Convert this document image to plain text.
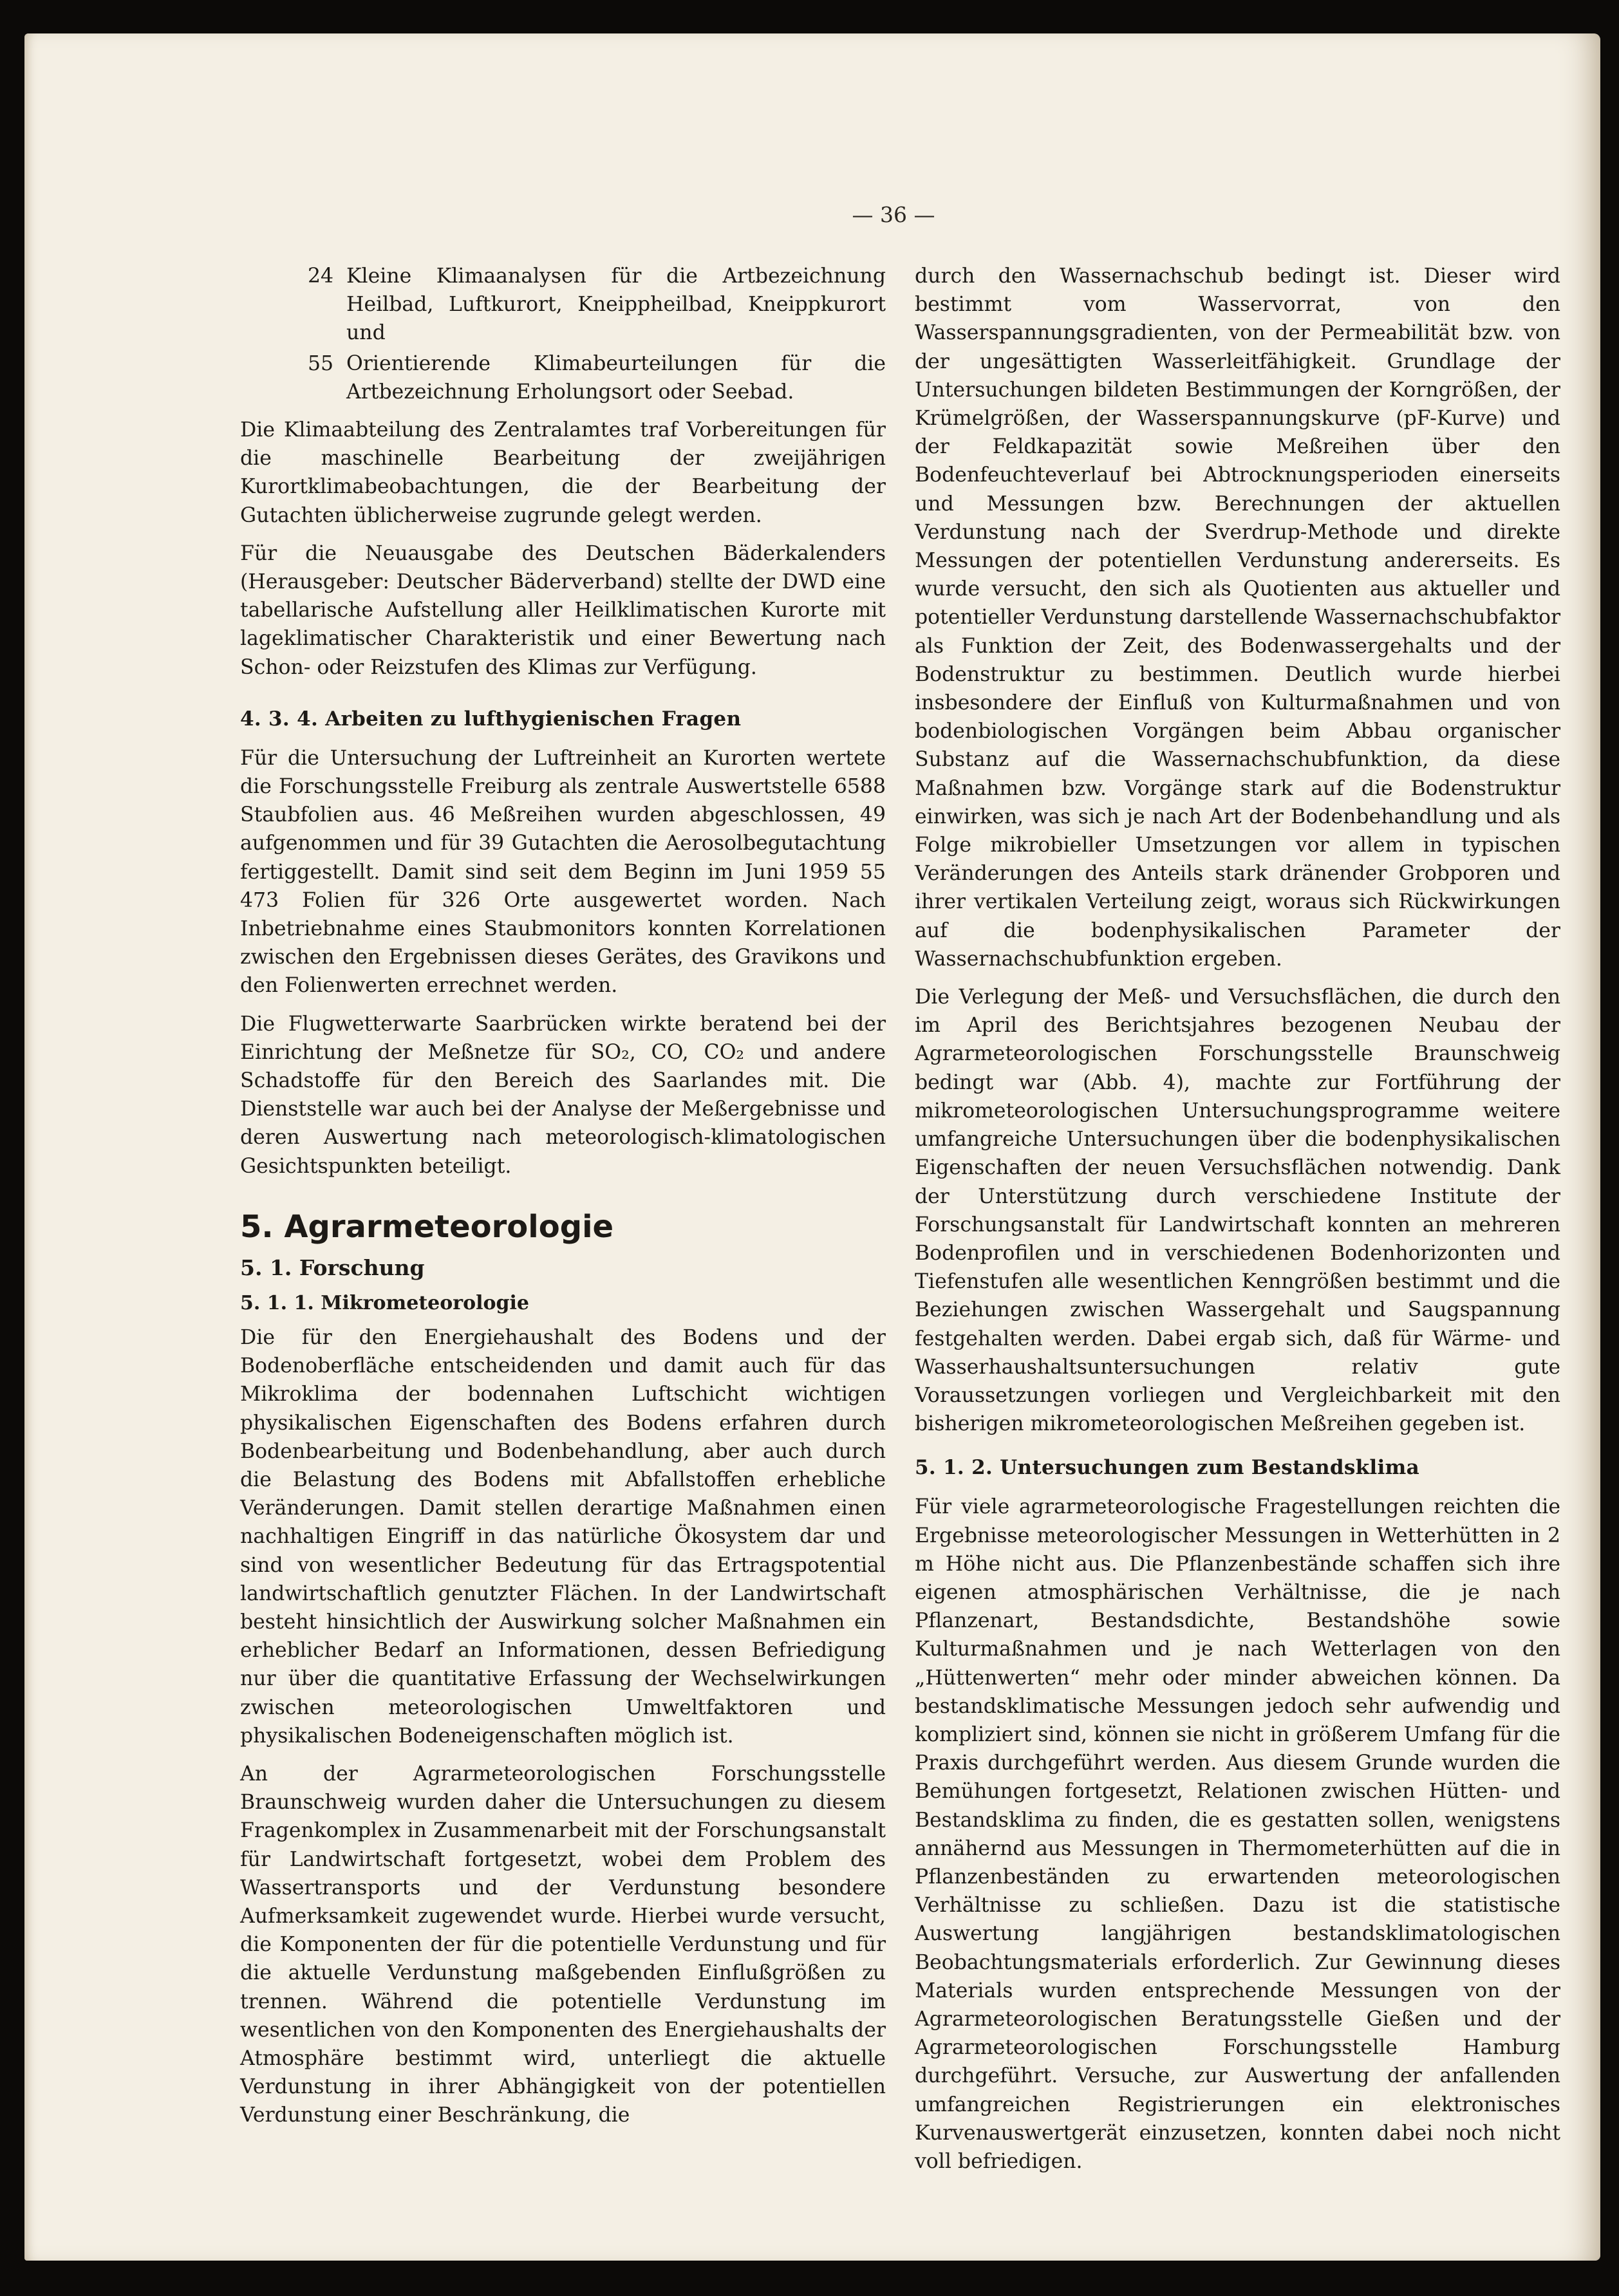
— 36 —
24 Kleine Klimaanalysen für die Artbezeichnung Heilbad, Luftkurort, Kneippheilbad, Kneippkurort und
55 Orientierende Klimabeurteilungen für die Artbezeichnung Erholungsort oder Seebad.

Die Klimaabteilung des Zentralamtes traf Vorbereitungen für die maschinelle Bearbeitung der zweijährigen Kurortklimabeobachtungen, die der Bearbeitung der Gutachten üblicherweise zugrunde gelegt werden.

Für die Neuausgabe des Deutschen Bäderkalenders (Herausgeber: Deutscher Bäderverband) stellte der DWD eine tabellarische Aufstellung aller Heilklimatischen Kurorte mit lageklimatischer Charakteristik und einer Bewertung nach Schon- oder Reizstufen des Klimas zur Verfügung.

4. 3. 4. Arbeiten zu lufthygienischen Fragen

Für die Untersuchung der Luftreinheit an Kurorten wertete die Forschungsstelle Freiburg als zentrale Auswertstelle 6588 Staubfolien aus. 46 Meßreihen wurden abgeschlossen, 49 aufgenommen und für 39 Gutachten die Aerosolbegutachtung fertiggestellt. Damit sind seit dem Beginn im Juni 1959 55 473 Folien für 326 Orte ausgewertet worden. Nach Inbetriebnahme eines Staubmonitors konnten Korrelationen zwischen den Ergebnissen dieses Gerätes, des Gravikons und den Folienwerten errechnet werden.

Die Flugwetterwarte Saarbrücken wirkte beratend bei der Einrichtung der Meßnetze für SO₂, CO, CO₂ und andere Schadstoffe für den Bereich des Saarlandes mit. Die Dienststelle war auch bei der Analyse der Meßergebnisse und deren Auswertung nach meteorologisch-klimatologischen Gesichtspunkten beteiligt.

5. Agrarmeteorologie
5. 1. Forschung
5. 1. 1. Mikrometeorologie

Die für den Energiehaushalt des Bodens und der Bodenoberfläche entscheidenden und damit auch für das Mikroklima der bodennahen Luftschicht wichtigen physikalischen Eigenschaften des Bodens erfahren durch Bodenbearbeitung und Bodenbehandlung, aber auch durch die Belastung des Bodens mit Abfallstoffen erhebliche Veränderungen. Damit stellen derartige Maßnahmen einen nachhaltigen Eingriff in das natürliche Ökosystem dar und sind von wesentlicher Bedeutung für das Ertragspotential landwirtschaftlich genutzter Flächen. In der Landwirtschaft besteht hinsichtlich der Auswirkung solcher Maßnahmen ein erheblicher Bedarf an Informationen, dessen Befriedigung nur über die quantitative Erfassung der Wechselwirkungen zwischen meteorologischen Umweltfaktoren und physikalischen Bodeneigenschaften möglich ist.

An der Agrarmeteorologischen Forschungsstelle Braunschweig wurden daher die Untersuchungen zu diesem Fragenkomplex in Zusammenarbeit mit der Forschungsanstalt für Landwirtschaft fortgesetzt, wobei dem Problem des Wassertransports und der Verdunstung besondere Aufmerksamkeit zugewendet wurde. Hierbei wurde versucht, die Komponenten der für die potentielle Verdunstung und für die aktuelle Verdunstung maßgebenden Einflußgrößen zu trennen. Während die potentielle Verdunstung im wesentlichen von den Komponenten des Energiehaushalts der Atmosphäre bestimmt wird, unterliegt die aktuelle Verdunstung in ihrer Abhängigkeit von der potentiellen Verdunstung einer Beschränkung, die

durch den Wassernachschub bedingt ist. Dieser wird bestimmt vom Wasservorrat, von den Wasserspannungsgradienten, von der Permeabilität bzw. von der ungesättigten Wasserleitfähigkeit. Grundlage der Untersuchungen bildeten Bestimmungen der Korngrößen, der Krümelgrößen, der Wasserspannungskurve (pF-Kurve) und der Feldkapazität sowie Meßreihen über den Bodenfeuchteverlauf bei Abtrocknungsperioden einerseits und Messungen bzw. Berechnungen der aktuellen Verdunstung nach der Sverdrup-Methode und direkte Messungen der potentiellen Verdunstung andererseits. Es wurde versucht, den sich als Quotienten aus aktueller und potentieller Verdunstung darstellende Wassernachschubfaktor als Funktion der Zeit, des Bodenwassergehalts und der Bodenstruktur zu bestimmen. Deutlich wurde hierbei insbesondere der Einfluß von Kulturmaßnahmen und von bodenbiologischen Vorgängen beim Abbau organischer Substanz auf die Wassernachschubfunktion, da diese Maßnahmen bzw. Vorgänge stark auf die Bodenstruktur einwirken, was sich je nach Art der Bodenbehandlung und als Folge mikrobieller Umsetzungen vor allem in typischen Veränderungen des Anteils stark dränender Grobporen und ihrer vertikalen Verteilung zeigt, woraus sich Rückwirkungen auf die bodenphysikalischen Parameter der Wassernachschubfunktion ergeben.

Die Verlegung der Meß- und Versuchsflächen, die durch den im April des Berichtsjahres bezogenen Neubau der Agrarmeteorologischen Forschungsstelle Braunschweig bedingt war (Abb. 4), machte zur Fortführung der mikrometeorologischen Untersuchungsprogramme weitere umfangreiche Untersuchungen über die bodenphysikalischen Eigenschaften der neuen Versuchsflächen notwendig. Dank der Unterstützung durch verschiedene Institute der Forschungsanstalt für Landwirtschaft konnten an mehreren Bodenprofilen und in verschiedenen Bodenhorizonten und Tiefenstufen alle wesentlichen Kenngrößen bestimmt und die Beziehungen zwischen Wassergehalt und Saugspannung festgehalten werden. Dabei ergab sich, daß für Wärme- und Wasserhaushaltsuntersuchungen relativ gute Voraussetzungen vorliegen und Vergleichbarkeit mit den bisherigen mikrometeorologischen Meßreihen gegeben ist.

5. 1. 2. Untersuchungen zum Bestandsklima

Für viele agrarmeteorologische Fragestellungen reichten die Ergebnisse meteorologischer Messungen in Wetterhütten in 2 m Höhe nicht aus. Die Pflanzenbestände schaffen sich ihre eigenen atmosphärischen Verhältnisse, die je nach Pflanzenart, Bestandsdichte, Bestandshöhe sowie Kulturmaßnahmen und je nach Wetterlagen von den „Hüttenwerten“ mehr oder minder abweichen können. Da bestandsklimatische Messungen jedoch sehr aufwendig und kompliziert sind, können sie nicht in größerem Umfang für die Praxis durchgeführt werden. Aus diesem Grunde wurden die Bemühungen fortgesetzt, Relationen zwischen Hütten- und Bestandsklima zu finden, die es gestatten sollen, wenigstens annähernd aus Messungen in Thermometerhütten auf die in Pflanzenbeständen zu erwartenden meteorologischen Verhältnisse zu schließen. Dazu ist die statistische Auswertung langjährigen bestandsklimatologischen Beobachtungsmaterials erforderlich. Zur Gewinnung dieses Materials wurden entsprechende Messungen von der Agrarmeteorologischen Beratungsstelle Gießen und der Agrarmeteorologischen Forschungsstelle Hamburg durchgeführt. Versuche, zur Auswertung der anfallenden umfangreichen Registrierungen ein elektronisches Kurvenauswertgerät einzusetzen, konnten dabei noch nicht voll befriedigen.
